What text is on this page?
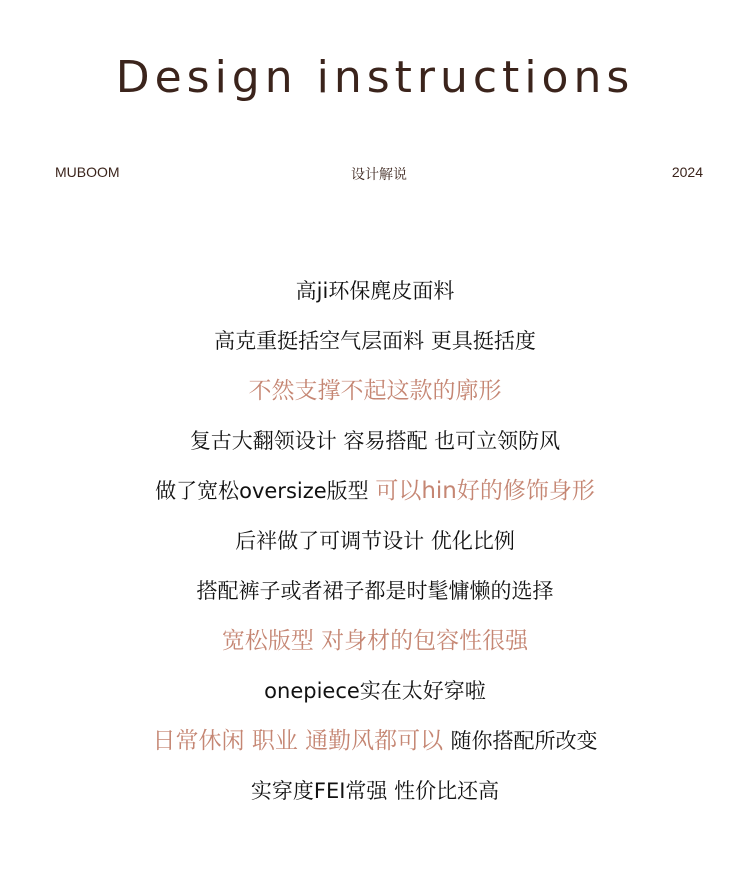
Design instructions
MUBOOM	设计解说	2024
高ji环保麂皮面料
高克重挺括空气层面料 更具挺括度
不然支撑不起这款的廓形
复古大翻领设计 容易搭配 也可立领防风
做了宽松oversize版型 可以hin好的修饰身形
后袢做了可调节设计 优化比例
搭配裤子或者裙子都是时髦慵懒的选择
宽松版型 对身材的包容性很强
onepiece实在太好穿啦
日常休闲 职业 通勤风都可以 随你搭配所改变
实穿度FEI常强 性价比还高
